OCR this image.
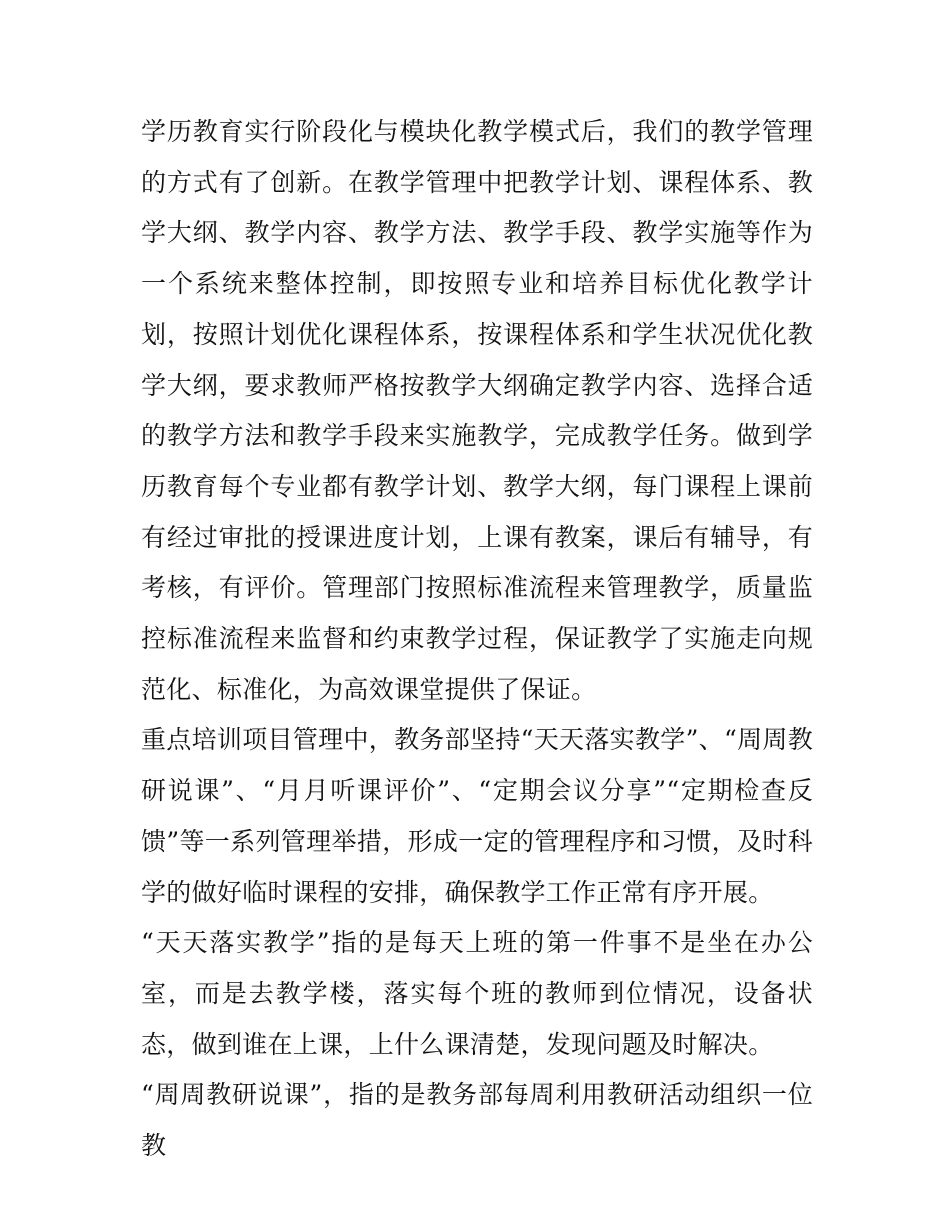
学历教育实行阶段化与模块化教学模式后，我们的教学管理的方式有了创新。在教学管理中把教学计划、课程体系、教学大纲、教学内容、教学方法、教学手段、教学实施等作为一个系统来整体控制，即按照专业和培养目标优化教学计划，按照计划优化课程体系，按课程体系和学生状况优化教学大纲，要求教师严格按教学大纲确定教学内容、选择合适的教学方法和教学手段来实施教学，完成教学任务。做到学历教育每个专业都有教学计划、教学大纲，每门课程上课前有经过审批的授课进度计划，上课有教案，课后有辅导，有考核，有评价。管理部门按照标准流程来管理教学，质量监控标准流程来监督和约束教学过程，保证教学了实施走向规范化、标准化，为高效课堂提供了保证。

重点培训项目管理中，教务部坚持“天天落实教学”、“周周教研说课”、“月月听课评价”、“定期会议分享”“定期检查反馈”等一系列管理举措，形成一定的管理程序和习惯，及时科学的做好临时课程的安排，确保教学工作正常有序开展。

“天天落实教学”指的是每天上班的第一件事不是坐在办公室，而是去教学楼，落实每个班的教师到位情况，设备状态，做到谁在上课，上什么课清楚，发现问题及时解决。

“周周教研说课”，指的是教务部每周利用教研活动组织一位教
